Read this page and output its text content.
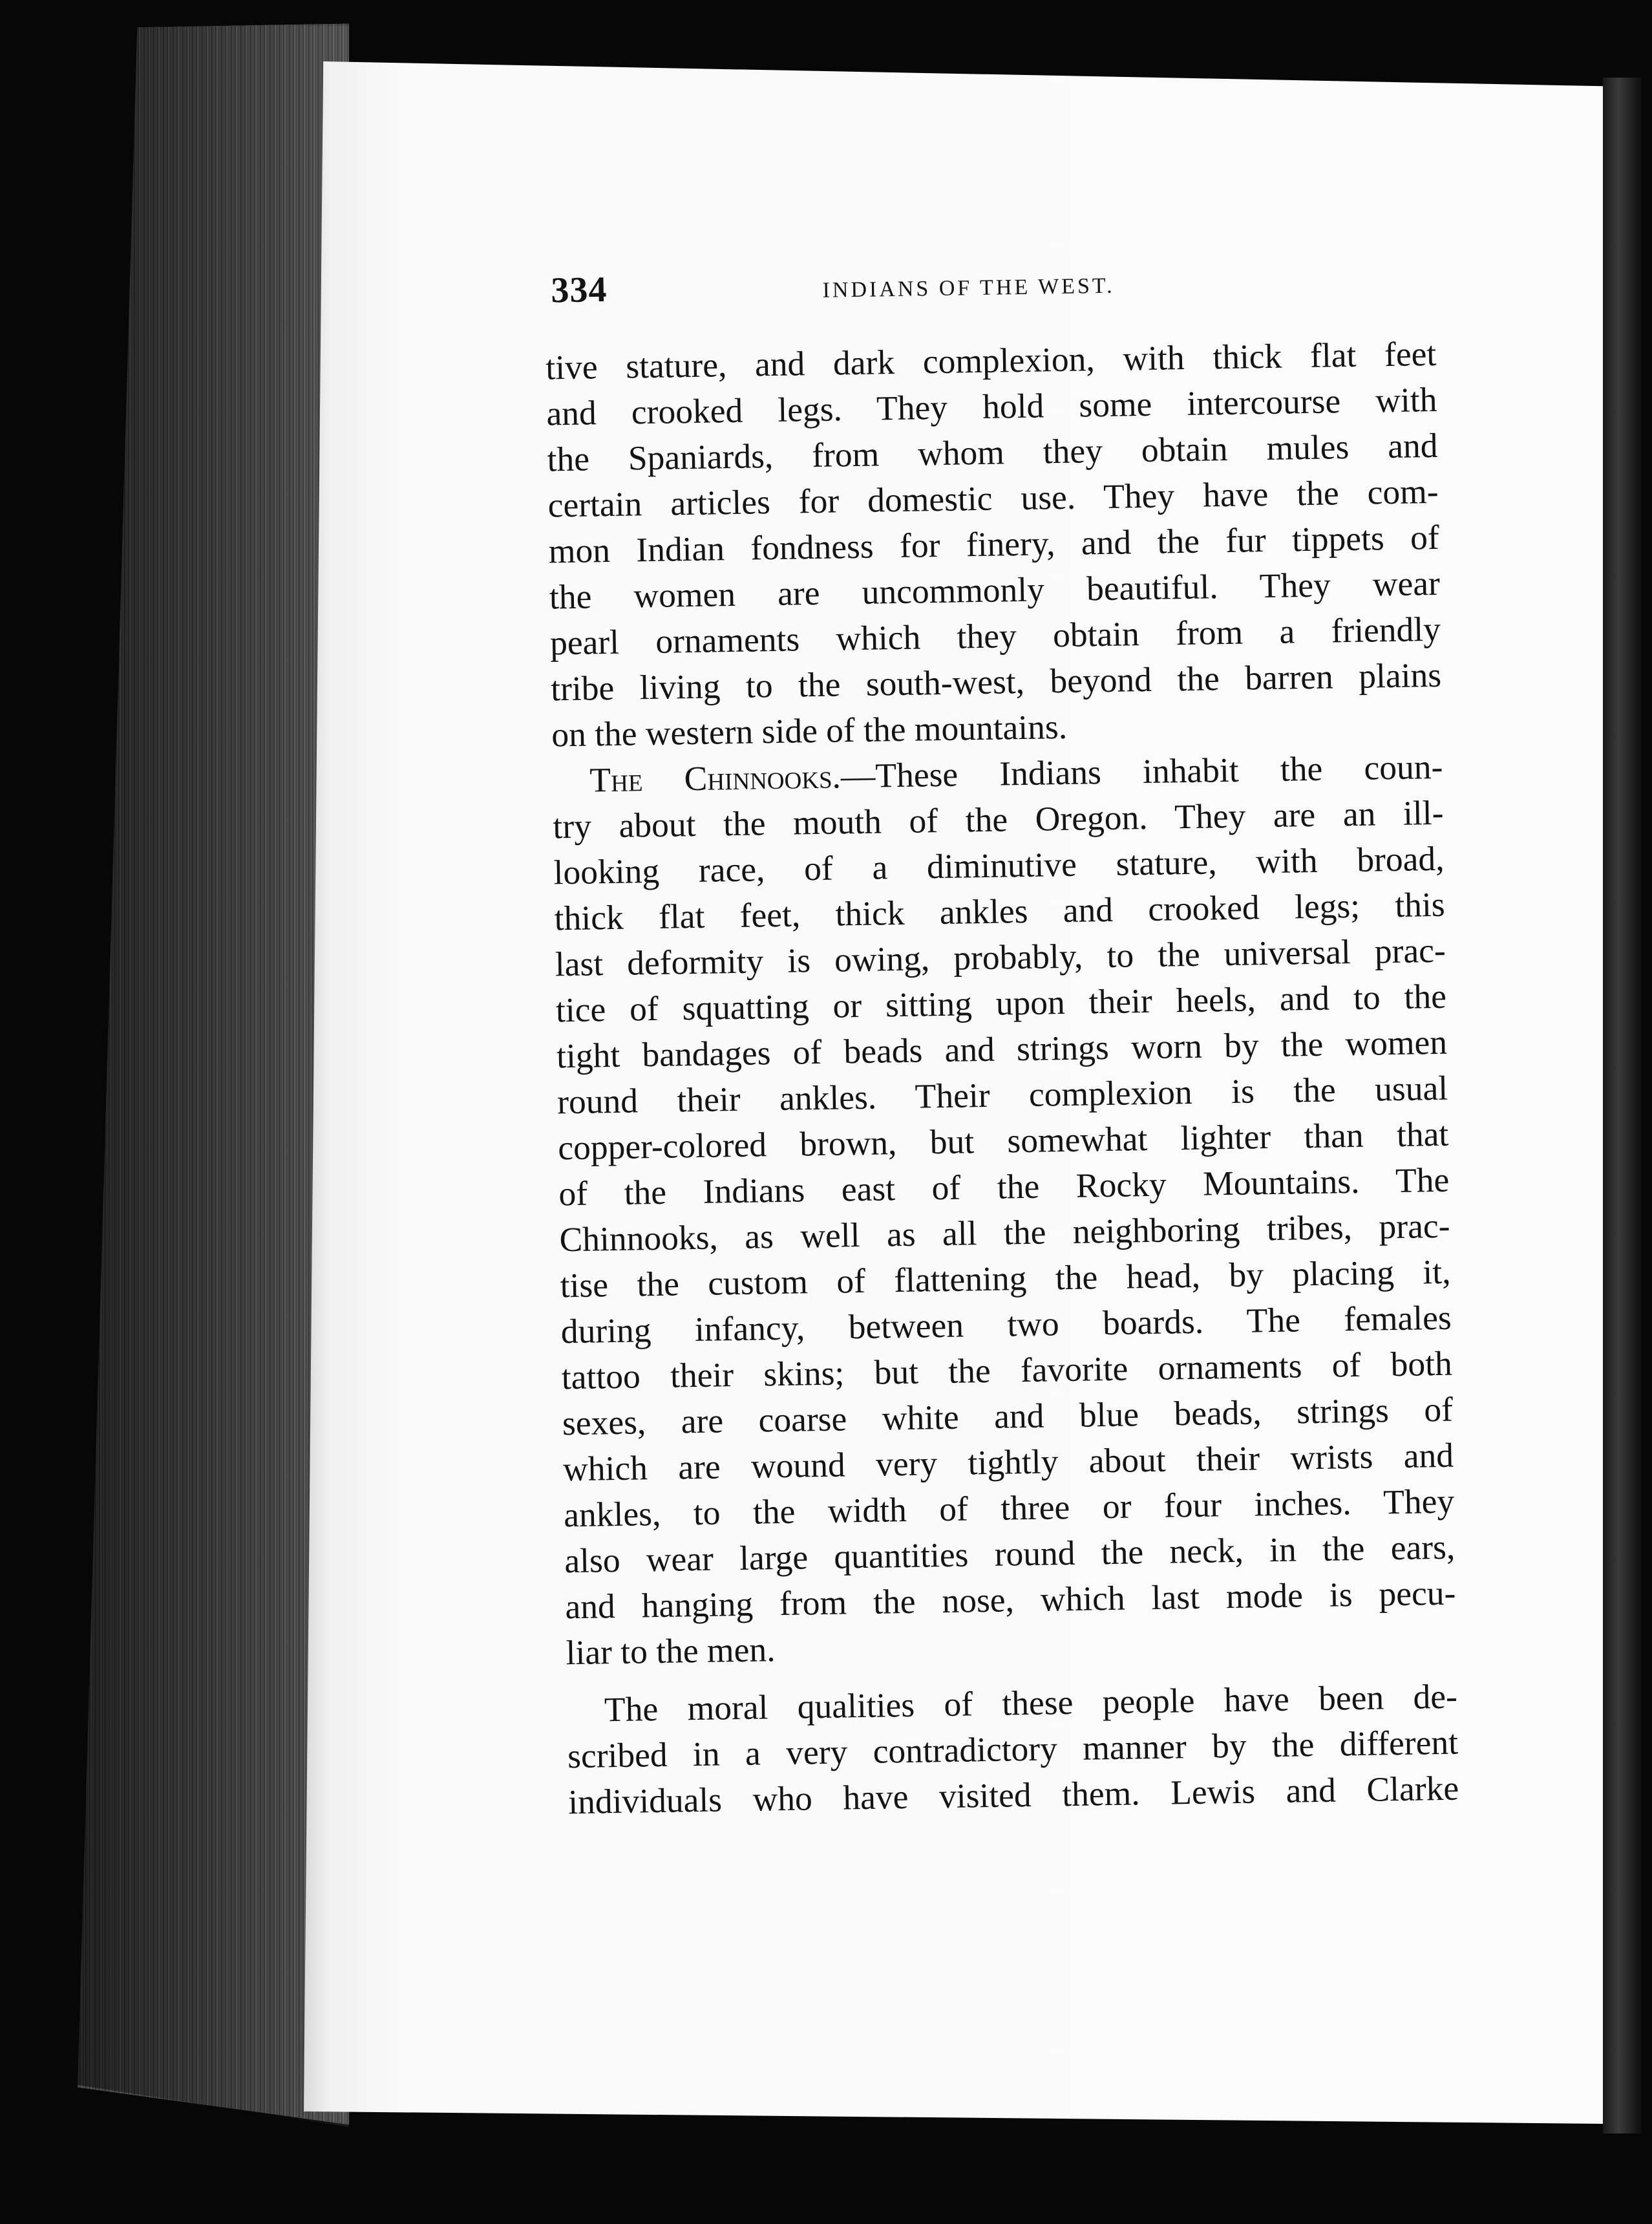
334	INDIANS OF THE WEST.
tive stature, and dark complexion, with thick flat feet
and crooked legs. They hold some intercourse with
the Spaniards, from whom they obtain mules and
certain articles for domestic use. They have the com-
mon Indian fondness for finery, and the fur tippets of
the women are uncommonly beautiful. They wear
pearl ornaments which they obtain from a friendly
tribe living to the south-west, beyond the barren plains
on the western side of the mountains.
The Chinnooks.—These Indians inhabit the coun-
try about the mouth of the Oregon. They are an ill-
looking race, of a diminutive stature, with broad,
thick flat feet, thick ankles and crooked legs; this
last deformity is owing, probably, to the universal prac-
tice of squatting or sitting upon their heels, and to the
tight bandages of beads and strings worn by the women
round their ankles. Their complexion is the usual
copper-colored brown, but somewhat lighter than that
of the Indians east of the Rocky Mountains. The
Chinnooks, as well as all the neighboring tribes, prac-
tise the custom of flattening the head, by placing it,
during infancy, between two boards. The females
tattoo their skins; but the favorite ornaments of both
sexes, are coarse white and blue beads, strings of
which are wound very tightly about their wrists and
ankles, to the width of three or four inches. They
also wear large quantities round the neck, in the ears,
and hanging from the nose, which last mode is pecu-
liar to the men.
The moral qualities of these people have been de-
scribed in a very contradictory manner by the different
individuals who have visited them. Lewis and Clarke
